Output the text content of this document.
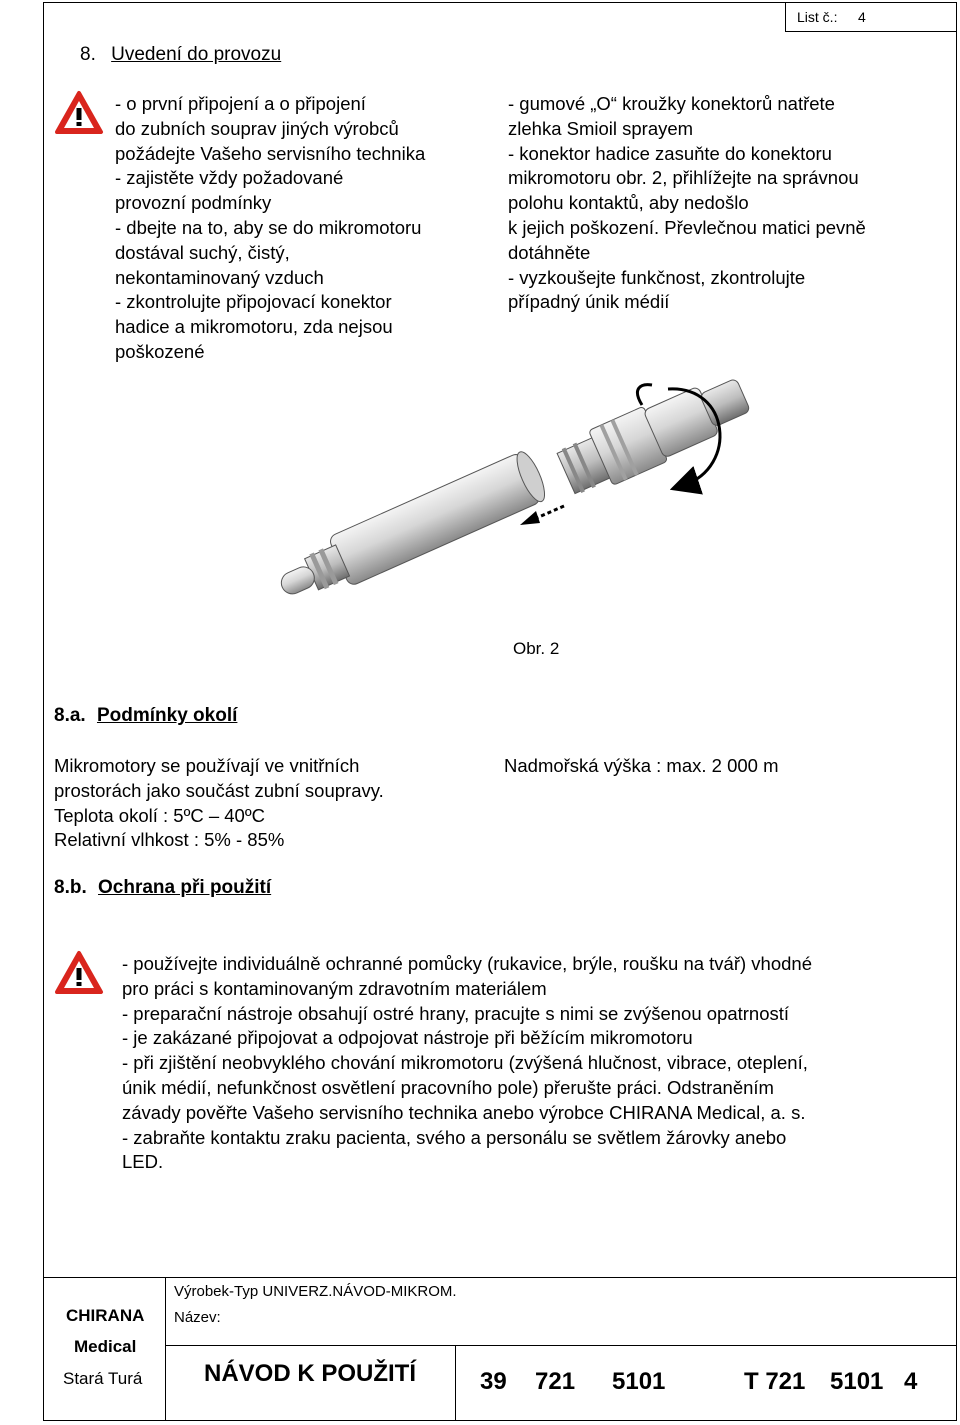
List č.: 4
8. Uvedení do provozu
- o první připojení a o připojení
do zubních souprav jiných výrobců
požádejte Vašeho servisního technika
- zajistěte vždy požadované
provozní podmínky
- dbejte na to, aby se do mikromotoru
dostával suchý, čistý,
nekontaminovaný vzduch
- zkontrolujte připojovací konektor
hadice a mikromotoru, zda nejsou
poškozené
- gumové „O“ kroužky konektorů natřete
zlehka Smioil sprayem
- konektor hadice zasuňte do konektoru
mikromotoru obr. 2, přihlížejte na správnou
polohu kontaktů, aby nedošlo
k jejich poškození. Převlečnou matici pevně
dotáhněte
- vyzkoušejte funkčnost, zkontrolujte
případný únik médií
Obr. 2
8.a. Podmínky okolí
Mikromotory se používají ve vnitřních
prostorách jako součást zubní soupravy.
Teplota okolí : 5ºC – 40ºC
Relativní vlhkost : 5% - 85%
Nadmořská výška : max. 2 000 m
8.b. Ochrana při použití
- používejte individuálně ochranné pomůcky (rukavice, brýle, roušku na tvář) vhodné
pro práci s kontaminovaným zdravotním materiálem
- preparační nástroje obsahují ostré hrany, pracujte s nimi se zvýšenou opatrností
- je zakázané připojovat a odpojovat nástroje při běžícím mikromotoru
- při zjištění neobvyklého chování mikromotoru (zvýšená hlučnost, vibrace, oteplení,
únik médií, nefunkčnost osvětlení pracovního pole) přerušte práci. Odstraněním
závady pověřte Vašeho servisního technika anebo výrobce CHIRANA Medical, a. s.
- zabraňte kontaktu zraku pacienta, svého a personálu se světlem žárovky anebo
LED.
CHIRANA
Medical
Stará Turá
Výrobek-Typ UNIVERZ.NÁVOD-MIKROM.
Název:
NÁVOD K POUŽITÍ	39 721 5101	T 721 5101 4
